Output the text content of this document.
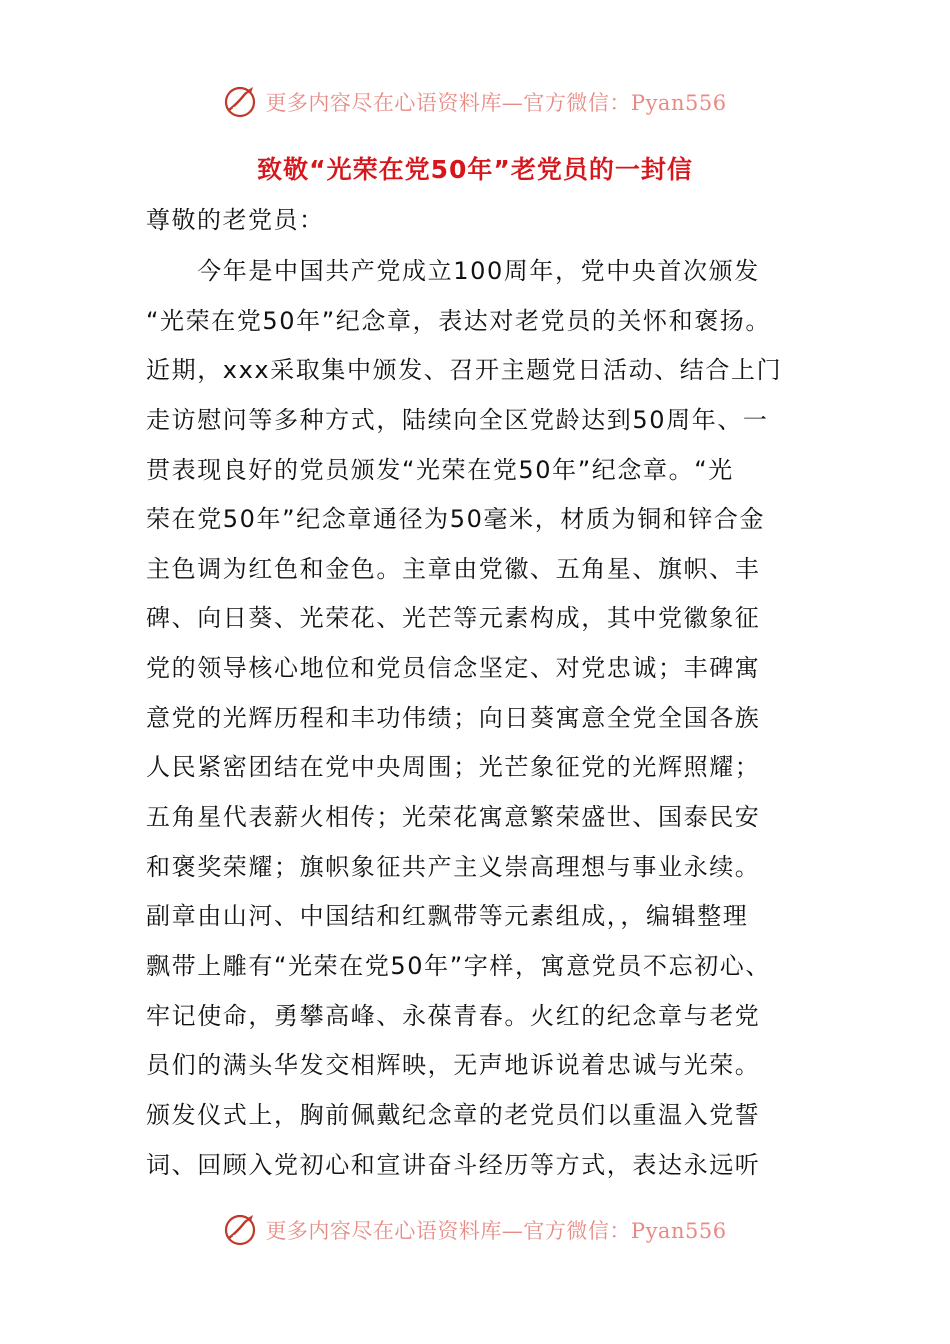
更多内容尽在心语资料库—官方微信：Pyan556
致敬“光荣在党50年”老党员的一封信
尊敬的老党员：
　　今年是中国共产党成立100周年，党中央首次颁发
“光荣在党50年”纪念章，表达对老党员的关怀和褒扬。
近期，xxx采取集中颁发、召开主题党日活动、结合上门
走访慰问等多种方式，陆续向全区党龄达到50周年、一
贯表现良好的党员颁发“光荣在党50年”纪念章。“光
荣在党50年”纪念章通径为50毫米，材质为铜和锌合金
主色调为红色和金色。主章由党徽、五角星、旗帜、丰
碑、向日葵、光荣花、光芒等元素构成，其中党徽象征
党的领导核心地位和党员信念坚定、对党忠诚；丰碑寓
意党的光辉历程和丰功伟绩；向日葵寓意全党全国各族
人民紧密团结在党中央周围；光芒象征党的光辉照耀；
五角星代表薪火相传；光荣花寓意繁荣盛世、国泰民安
和褒奖荣耀；旗帜象征共产主义崇高理想与事业永续。
副章由山河、中国结和红飘带等元素组成，，编辑整理
飘带上雕有“光荣在党50年”字样，寓意党员不忘初心、
牢记使命，勇攀高峰、永葆青春。火红的纪念章与老党
员们的满头华发交相辉映，无声地诉说着忠诚与光荣。
颁发仪式上，胸前佩戴纪念章的老党员们以重温入党誓
词、回顾入党初心和宣讲奋斗经历等方式，表达永远听
更多内容尽在心语资料库—官方微信：Pyan556
